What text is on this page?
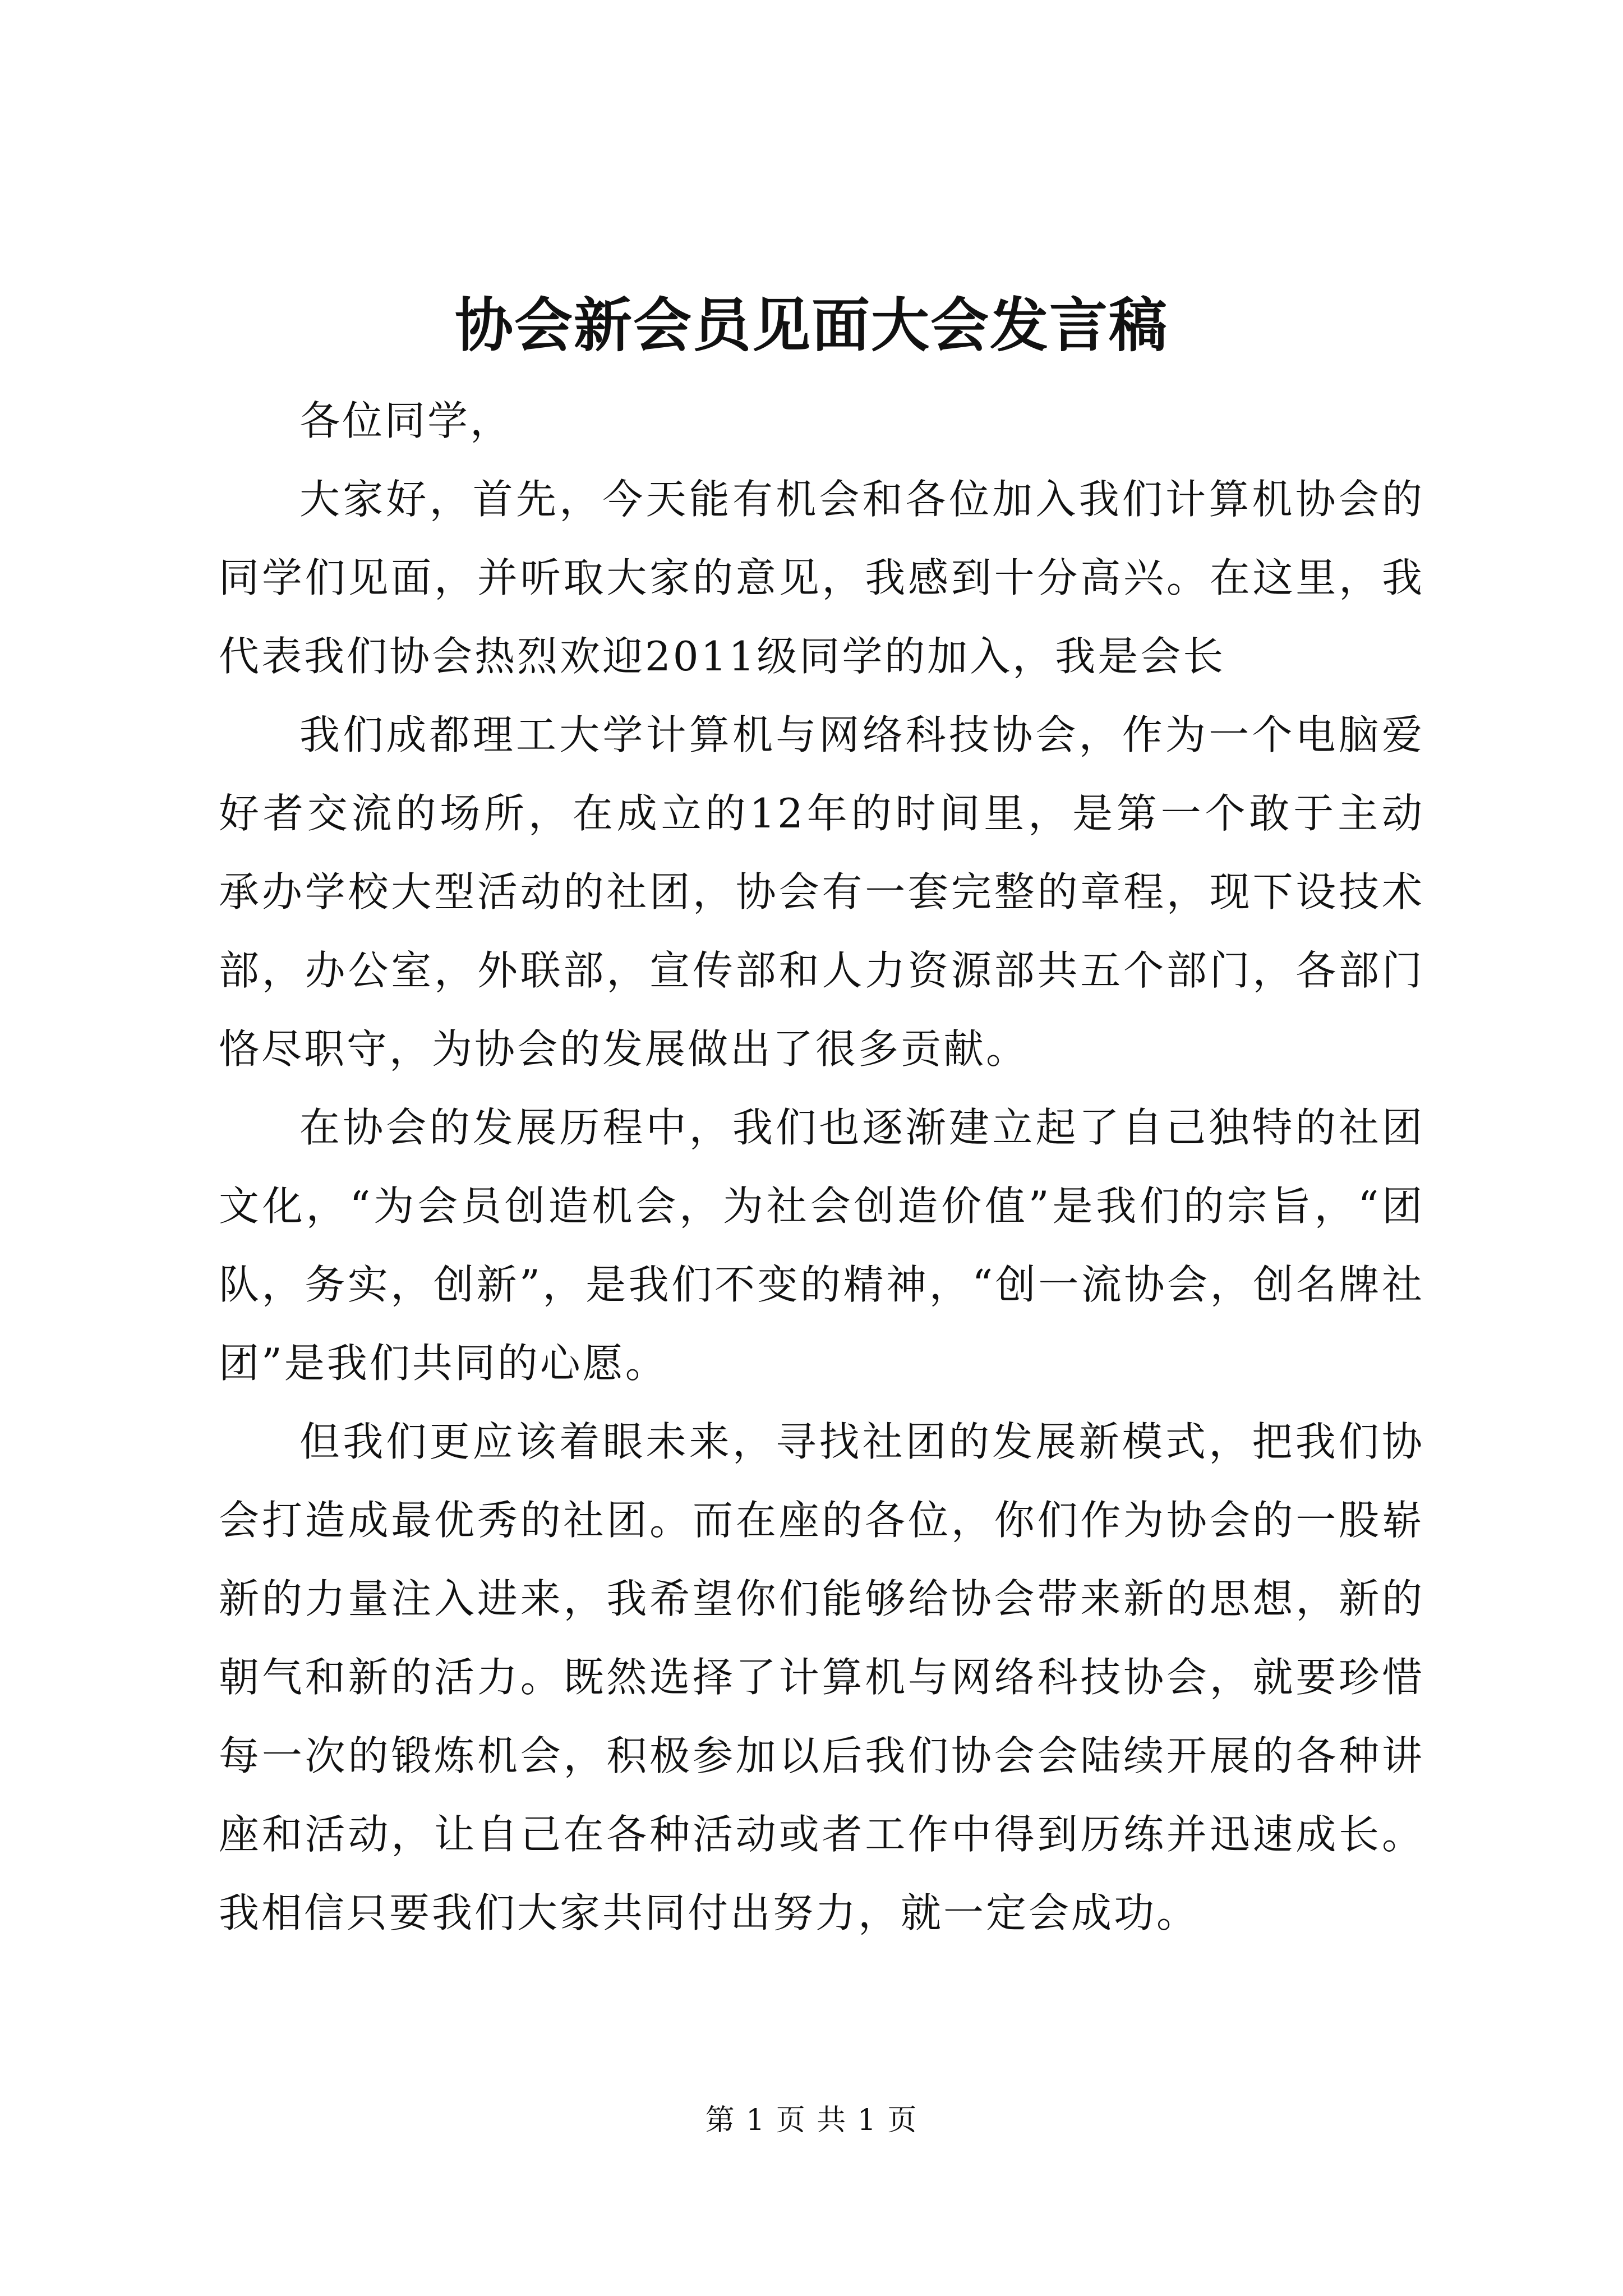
协会新会员见面大会发言稿

各位同学，

大家好，首先，今天能有机会和各位加入我们计算机协会的同学们见面，并听取大家的意见，我感到十分高兴。在这里，我代表我们协会热烈欢迎2011级同学的加入，我是会长

我们成都理工大学计算机与网络科技协会，作为一个电脑爱好者交流的场所，在成立的12年的时间里，是第一个敢于主动承办学校大型活动的社团，协会有一套完整的章程，现下设技术部，办公室，外联部，宣传部和人力资源部共五个部门，各部门恪尽职守，为协会的发展做出了很多贡献。

在协会的发展历程中，我们也逐渐建立起了自己独特的社团文化，“为会员创造机会，为社会创造价值”是我们的宗旨，“团队，务实，创新”，是我们不变的精神，“创一流协会，创名牌社团”是我们共同的心愿。

但我们更应该着眼未来，寻找社团的发展新模式，把我们协会打造成最优秀的社团。而在座的各位，你们作为协会的一股崭新的力量注入进来，我希望你们能够给协会带来新的思想，新的朝气和新的活力。既然选择了计算机与网络科技协会，就要珍惜每一次的锻炼机会，积极参加以后我们协会会陆续开展的各种讲座和活动，让自己在各种活动或者工作中得到历练并迅速成长。我相信只要我们大家共同付出努力，就一定会成功。

第 1 页 共 1 页
